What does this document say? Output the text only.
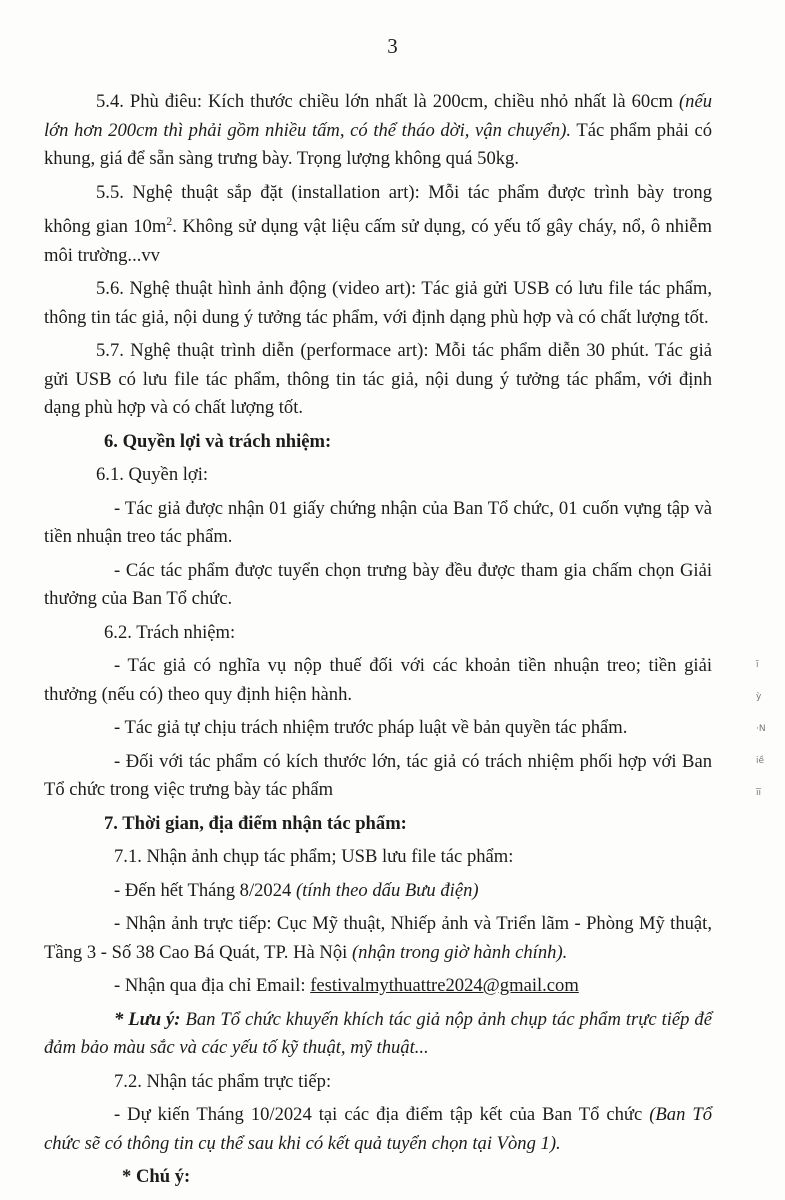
3

5.4. Phù điêu: Kích thước chiều lớn nhất là 200cm, chiều nhỏ nhất là 60cm (nếu lớn hơn 200cm thì phải gồm nhiều tấm, có thể tháo dời, vận chuyển). Tác phẩm phải có khung, giá để sẵn sàng trưng bày. Trọng lượng không quá 50kg.

5.5. Nghệ thuật sắp đặt (installation art): Mỗi tác phẩm được trình bày trong không gian $10m^2$. Không sử dụng vật liệu cấm sử dụng, có yếu tố gây cháy, nổ, ô nhiễm môi trường...vv

5.6. Nghệ thuật hình ảnh động (video art): Tác giả gửi USB có lưu file tác phẩm, thông tin tác giả, nội dung ý tưởng tác phẩm, với định dạng phù hợp và có chất lượng tốt.

5.7. Nghệ thuật trình diễn (performace art): Mỗi tác phẩm diễn 30 phút. Tác giả gửi USB có lưu file tác phẩm, thông tin tác giả, nội dung ý tưởng tác phẩm, với định dạng phù hợp và có chất lượng tốt.

6. Quyền lợi và trách nhiệm:

6.1. Quyền lợi:

- Tác giả được nhận 01 giấy chứng nhận của Ban Tổ chức, 01 cuốn vựng tập và tiền nhuận treo tác phẩm.

- Các tác phẩm được tuyển chọn trưng bày đều được tham gia chấm chọn Giải thưởng của Ban Tổ chức.

6.2. Trách nhiệm:

- Tác giả có nghĩa vụ nộp thuế đối với các khoản tiền nhuận treo; tiền giải thưởng (nếu có) theo quy định hiện hành.

- Tác giả tự chịu trách nhiệm trước pháp luật về bản quyền tác phẩm.

- Đối với tác phẩm có kích thước lớn, tác giả có trách nhiệm phối hợp với Ban Tổ chức trong việc trưng bày tác phẩm

7. Thời gian, địa điểm nhận tác phẩm:

7.1. Nhận ảnh chụp tác phẩm; USB lưu file tác phẩm:

- Đến hết Tháng 8/2024 (tính theo dấu Bưu điện)

- Nhận ảnh trực tiếp: Cục Mỹ thuật, Nhiếp ảnh và Triển lãm - Phòng Mỹ thuật, Tầng 3 - Số 38 Cao Bá Quát, TP. Hà Nội (nhận trong giờ hành chính).

- Nhận qua địa chỉ Email: festivalmythuattre2024@gmail.com

* Lưu ý: Ban Tổ chức khuyến khích tác giả nộp ảnh chụp tác phẩm trực tiếp để đảm bảo màu sắc và các yếu tố kỹ thuật, mỹ thuật...

7.2. Nhận tác phẩm trực tiếp:

- Dự kiến Tháng 10/2024 tại các địa điểm tập kết của Ban Tổ chức (Ban Tổ chức sẽ có thông tin cụ thể sau khi có kết quả tuyển chọn tại Vòng 1).

* Chú ý:

ĩ
ỳ
·N
iề
īī
